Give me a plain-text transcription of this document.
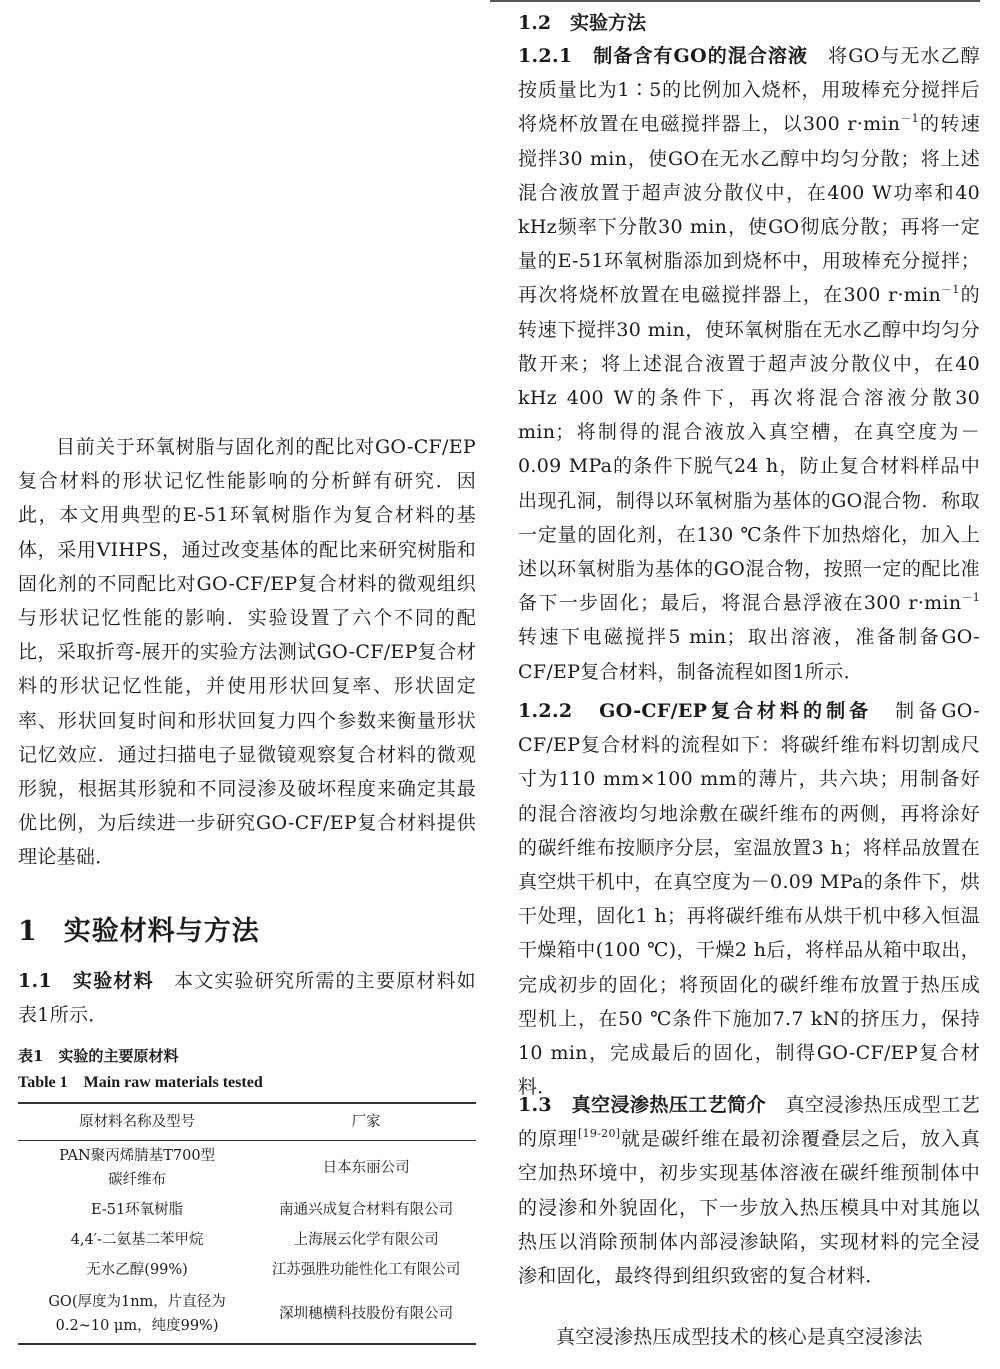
目前关于环氧树脂与固化剂的配比对GO-CF/EP复合材料的形状记忆性能影响的分析鲜有研究．因此，本文用典型的E-51环氧树脂作为复合材料的基体，采用VIHPS，通过改变基体的配比来研究树脂和固化剂的不同配比对GO-CF/EP复合材料的微观组织与形状记忆性能的影响．实验设置了六个不同的配比，采取折弯-展开的实验方法测试GO-CF/EP复合材料的形状记忆性能，并使用形状回复率、形状固定率、形状回复时间和形状回复力四个参数来衡量形状记忆效应．通过扫描电子显微镜观察复合材料的微观形貌，根据其形貌和不同浸渗及破坏程度来确定其最优比例，为后续进一步研究GO-CF/EP复合材料提供理论基础．

1 实验材料与方法

1.1　实验材料　 本文实验研究所需的主要原材料如表1所示．

表1　实验的主要原材料

Table 1　Main raw materials tested

原材料名称及型号	厂家
PAN聚丙烯腈基T700型
碳纤维布	日本东丽公司
E-51环氧树脂	南通兴成复合材料有限公司
4,4′-二氨基二苯甲烷	上海展云化学有限公司
无水乙醇(99%)	江苏强胜功能性化工有限公司
GO(厚度为1nm，片直径为
0.2~10 μm，纯度99%)	深圳穗横科技股份有限公司

1.2　实验方法

1.2.1　制备含有GO的混合溶液　 将GO与无水乙醇按质量比为1∶5的比例加入烧杯，用玻棒充分搅拌后将烧杯放置在电磁搅拌器上，以300 $r\cdot\min^{-1}$的转速搅拌30 min，使GO在无水乙醇中均匀分散；将上述混合液放置于超声波分散仪中，在400 W功率和40 kHz频率下分散30 min，使GO彻底分散；再将一定量的E-51环氧树脂添加到烧杯中，用玻棒充分搅拌；再次将烧杯放置在电磁搅拌器上，在300 $r\cdot\min^{-1}$的转速下搅拌30 min，使环氧树脂在无水乙醇中均匀分散开来；将上述混合液置于超声波分散仪中，在40 kHz 400 W的条件下，再次将混合溶液分散30 min；将制得的混合液放入真空槽，在真空度为－0.09 MPa的条件下脱气24 h，防止复合材料样品中出现孔洞，制得以环氧树脂为基体的GO混合物．称取一定量的固化剂，在130 ℃条件下加热熔化，加入上述以环氧树脂为基体的GO混合物，按照一定的配比准备下一步固化；最后，将混合悬浮液在300 $r\cdot\min^{-1}$转速下电磁搅拌5 min；取出溶液，准备制备GO-CF/EP复合材料，制备流程如图1所示．

1.2.2　GO-CF/EP复合材料的制备　 制备GO-CF/EP复合材料的流程如下：将碳纤维布料切割成尺寸为110 mm×100 mm的薄片，共六块；用制备好的混合溶液均匀地涂敷在碳纤维布的两侧，再将涂好的碳纤维布按顺序分层，室温放置3 h；将样品放置在真空烘干机中，在真空度为－0.09 MPa的条件下，烘干处理，固化1 h；再将碳纤维布从烘干机中移入恒温干燥箱中(100 ℃)，干燥2 h后，将样品从箱中取出，完成初步的固化；将预固化的碳纤维布放置于热压成型机上，在50 ℃条件下施加7.7 kN的挤压力，保持10 min，完成最后的固化，制得GO-CF/EP复合材料．

1.3　真空浸渗热压工艺简介　 真空浸渗热压成型工艺的原理[19-20]就是碳纤维在最初涂覆叠层之后，放入真空加热环境中，初步实现基体溶液在碳纤维预制体中的浸渗和外貌固化，下一步放入热压模具中对其施以热压以消除预制体内部浸渗缺陷，实现材料的完全浸渗和固化，最终得到组织致密的复合材料．

真空浸渗热压成型技术的核心是真空浸渗法
